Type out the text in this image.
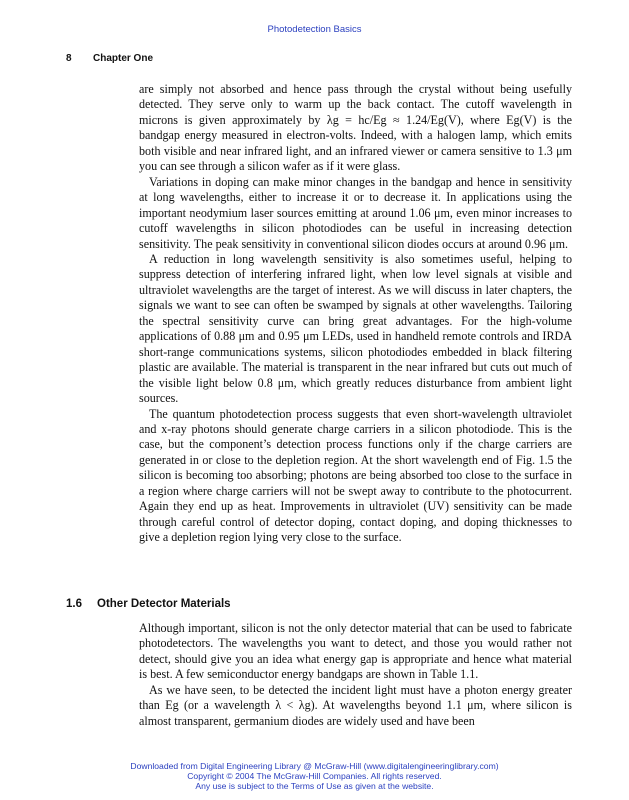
Photodetection Basics
8 Chapter One

are simply not absorbed and hence pass through the crystal without being usefully detected. They serve only to warm up the back contact. The cutoff wavelength in microns is given approximately by λg = hc/Eg ≈ 1.24/Eg(V), where Eg(V) is the bandgap energy measured in electron-volts. Indeed, with a halogen lamp, which emits both visible and near infrared light, and an infrared viewer or camera sensitive to 1.3 μm you can see through a silicon wafer as if it were glass.

Variations in doping can make minor changes in the bandgap and hence in sensitivity at long wavelengths, either to increase it or to decrease it. In applications using the important neodymium laser sources emitting at around 1.06 μm, even minor increases to cutoff wavelengths in silicon photodiodes can be useful in increasing detection sensitivity. The peak sensitivity in conventional silicon diodes occurs at around 0.96 μm.

A reduction in long wavelength sensitivity is also sometimes useful, helping to suppress detection of interfering infrared light, when low level signals at visible and ultraviolet wavelengths are the target of interest. As we will discuss in later chapters, the signals we want to see can often be swamped by signals at other wavelengths. Tailoring the spectral sensitivity curve can bring great advantages. For the high-volume applications of 0.88 μm and 0.95 μm LEDs, used in handheld remote controls and IRDA short-range communications systems, silicon photodiodes embedded in black filtering plastic are available. The material is transparent in the near infrared but cuts out much of the visible light below 0.8 μm, which greatly reduces disturbance from ambient light sources.

The quantum photodetection process suggests that even short-wavelength ultraviolet and x-ray photons should generate charge carriers in a silicon photodiode. This is the case, but the component’s detection process functions only if the charge carriers are generated in or close to the depletion region. At the short wavelength end of Fig. 1.5 the silicon is becoming too absorbing; photons are being absorbed too close to the surface in a region where charge carriers will not be swept away to contribute to the photocurrent. Again they end up as heat. Improvements in ultraviolet (UV) sensitivity can be made through careful control of detector doping, contact doping, and doping thicknesses to give a depletion region lying very close to the surface.

1.6 Other Detector Materials

Although important, silicon is not the only detector material that can be used to fabricate photodetectors. The wavelengths you want to detect, and those you would rather not detect, should give you an idea what energy gap is appropriate and hence what material is best. A few semiconductor energy bandgaps are shown in Table 1.1.

As we have seen, to be detected the incident light must have a photon energy greater than Eg (or a wavelength λ < λg). At wavelengths beyond 1.1 μm, where silicon is almost transparent, germanium diodes are widely used and have been

Downloaded from Digital Engineering Library @ McGraw-Hill (www.digitalengineeringlibrary.com)
Copyright © 2004 The McGraw-Hill Companies. All rights reserved.
Any use is subject to the Terms of Use as given at the website.
